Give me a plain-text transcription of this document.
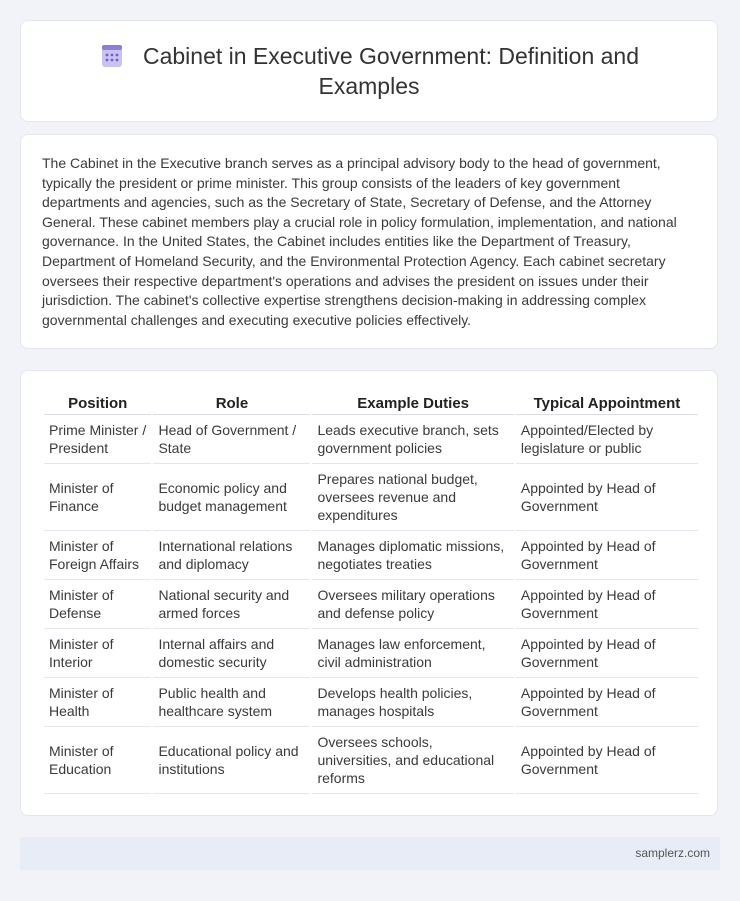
Cabinet in Executive Government: Definition and Examples

The Cabinet in the Executive branch serves as a principal advisory body to the head of government, typically the president or prime minister. This group consists of the leaders of key government departments and agencies, such as the Secretary of State, Secretary of Defense, and the Attorney General. These cabinet members play a crucial role in policy formulation, implementation, and national governance. In the United States, the Cabinet includes entities like the Department of Treasury, Department of Homeland Security, and the Environmental Protection Agency. Each cabinet secretary oversees their respective department's operations and advises the president on issues under their jurisdiction. The cabinet's collective expertise strengthens decision-making in addressing complex governmental challenges and executing executive policies effectively.

Position	Role	Example Duties	Typical Appointment
Prime Minister / President	Head of Government / State	Leads executive branch, sets government policies	Appointed/Elected by legislature or public
Minister of Finance	Economic policy and budget management	Prepares national budget, oversees revenue and expenditures	Appointed by Head of Government
Minister of Foreign Affairs	International relations and diplomacy	Manages diplomatic missions, negotiates treaties	Appointed by Head of Government
Minister of Defense	National security and armed forces	Oversees military operations and defense policy	Appointed by Head of Government
Minister of Interior	Internal affairs and domestic security	Manages law enforcement, civil administration	Appointed by Head of Government
Minister of Health	Public health and healthcare system	Develops health policies, manages hospitals	Appointed by Head of Government
Minister of Education	Educational policy and institutions	Oversees schools, universities, and educational reforms	Appointed by Head of Government
samplerz.com
